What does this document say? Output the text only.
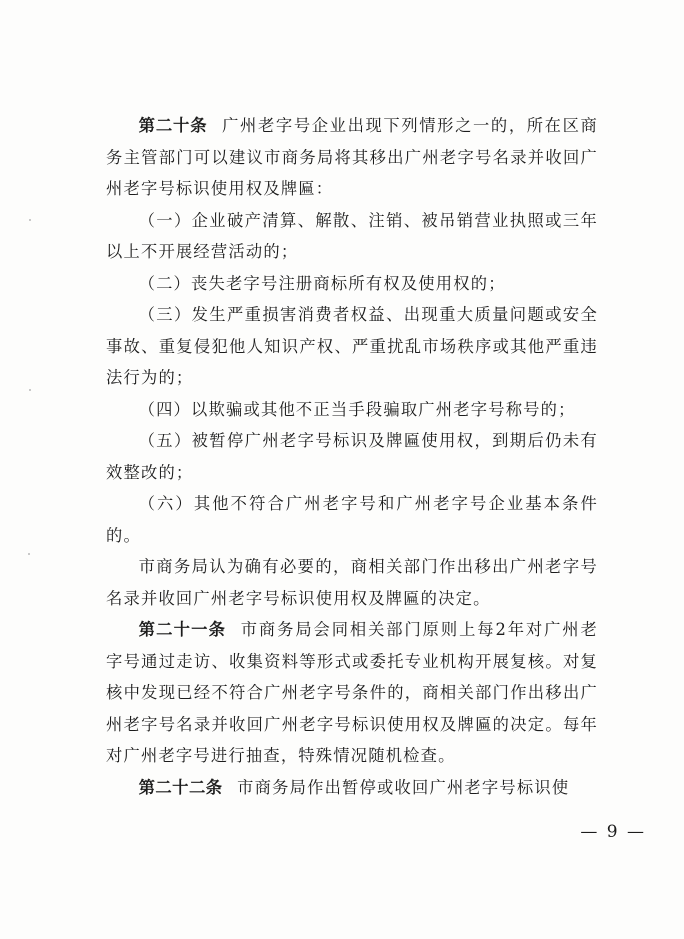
第二十条 广州老字号企业出现下列情形之一的，所在区商务主管部门可以建议市商务局将其移出广州老字号名录并收回广州老字号标识使用权及牌匾：

（一）企业破产清算、解散、注销、被吊销营业执照或三年以上不开展经营活动的；

（二）丧失老字号注册商标所有权及使用权的；

（三）发生严重损害消费者权益、出现重大质量问题或安全事故、重复侵犯他人知识产权、严重扰乱市场秩序或其他严重违法行为的；

（四）以欺骗或其他不正当手段骗取广州老字号称号的；

（五）被暂停广州老字号标识及牌匾使用权，到期后仍未有效整改的；

（六）其他不符合广州老字号和广州老字号企业基本条件的。

市商务局认为确有必要的，商相关部门作出移出广州老字号名录并收回广州老字号标识使用权及牌匾的决定。

第二十一条 市商务局会同相关部门原则上每2年对广州老字号通过走访、收集资料等形式或委托专业机构开展复核。对复核中发现已经不符合广州老字号条件的，商相关部门作出移出广州老字号名录并收回广州老字号标识使用权及牌匾的决定。每年对广州老字号进行抽查，特殊情况随机检查。

第二十二条 市商务局作出暂停或收回广州老字号标识使

— 9 —
